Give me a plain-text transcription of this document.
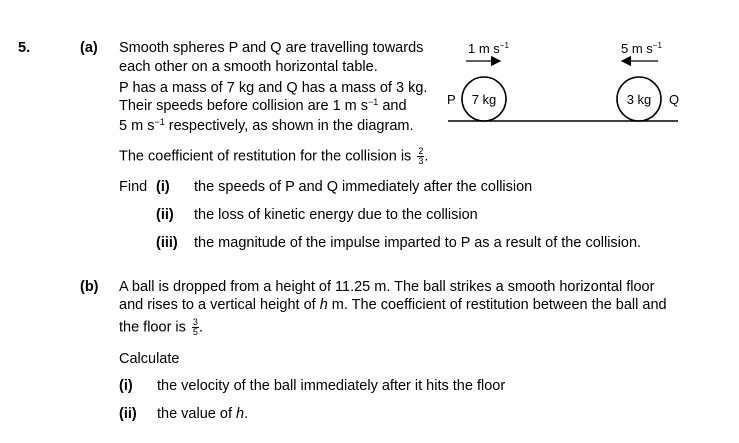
5.	(a) Smooth spheres P and Q are travelling towards
each other on a smooth horizontal table.
P has a mass of 7 kg and Q has a mass of 3 kg.
Their speeds before collision are 1 m $s^{-1}$ and
5 m $s^{-1}$ respectively, as shown in the diagram.
The coefficient of restitution for the collision is $\frac{2}{3}$ .
Find (i) the speeds of P and Q immediately after the collision
(ii) the loss of kinetic energy due to the collision
(iii) the magnitude of the impulse imparted to P as a result of the collision.
1 m $s^{-1}$	5 m $s^{-1}$
P 7 kg	3 kg Q
(b) A ball is dropped from a height of 11.25 m. The ball strikes a smooth horizontal floor
and rises to a vertical height of h m. The coefficient of restitution between the ball and
the floor is $\frac{3}{5}$ .
Calculate
(i) the velocity of the ball immediately after it hits the floor
(ii) the value of h.
